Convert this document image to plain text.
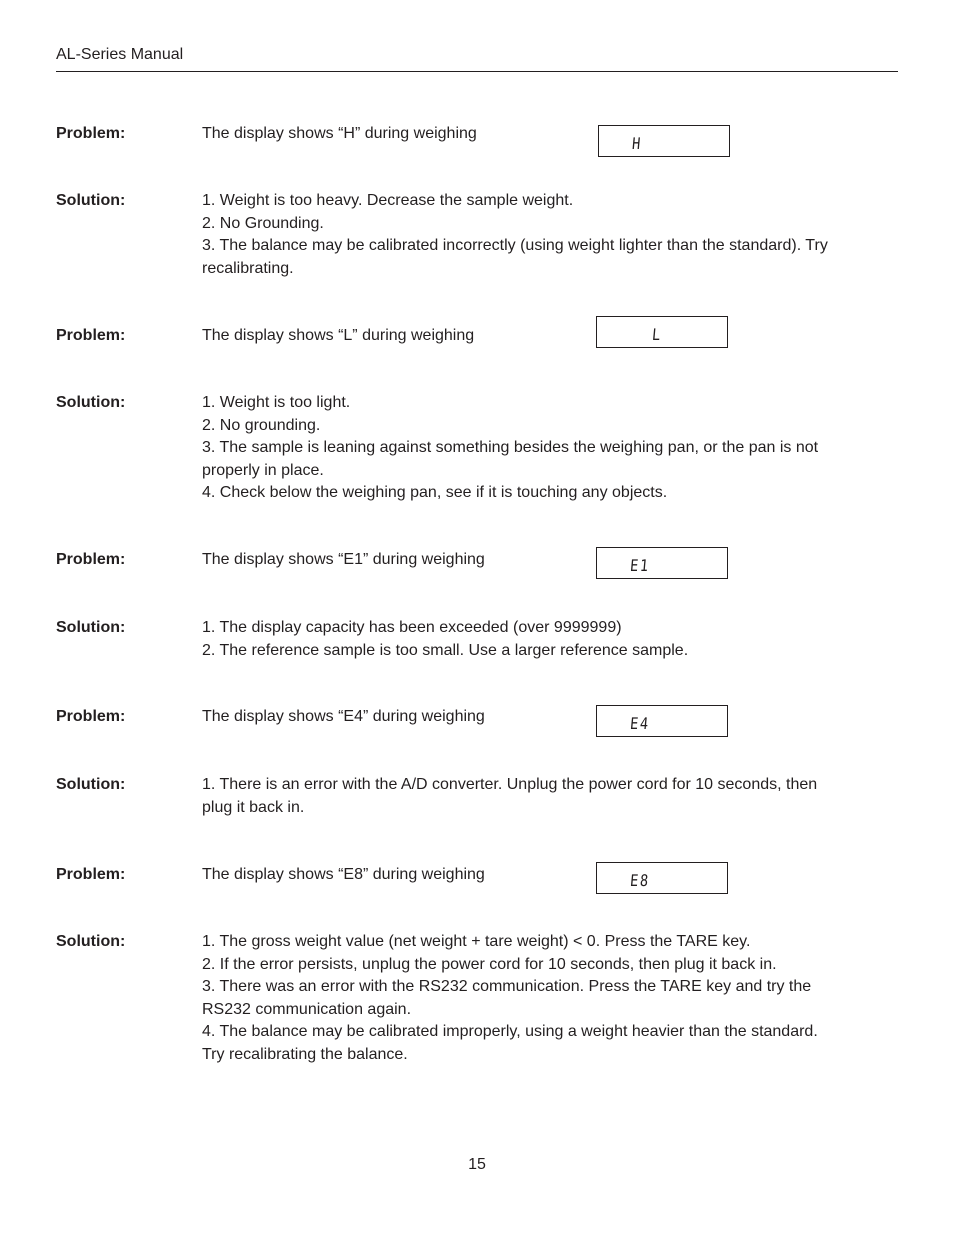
AL-Series Manual
Problem:	The display shows “H” during weighing
H
Solution:	1. Weight is too heavy. Decrease the sample weight.
2. No Grounding.
3. The balance may be calibrated incorrectly (using weight lighter than the standard). Try
recalibrating.
Problem:	The display shows “L” during weighing	L
Solution:	1. Weight is too light.
2. No grounding.
3. The sample is leaning against something besides the weighing pan, or the pan is not
properly in place.
4. Check below the weighing pan, see if it is touching any objects.
Problem:	The display shows “E1” during weighing	E1
Solution:	1. The display capacity has been exceeded (over 9999999)
2. The reference sample is too small. Use a larger reference sample.
Problem:	The display shows “E4” during weighing	E4
Solution:	1. There is an error with the A/D converter. Unplug the power cord for 10 seconds, then
plug it back in.
Problem:	The display shows “E8” during weighing	E8
Solution:	1. The gross weight value (net weight + tare weight) < 0. Press the TARE key.
2. If the error persists, unplug the power cord for 10 seconds, then plug it back in.
3. There was an error with the RS232 communication. Press the TARE key and try the
RS232 communication again.
4. The balance may be calibrated improperly, using a weight heavier than the standard.
Try recalibrating the balance.
15
